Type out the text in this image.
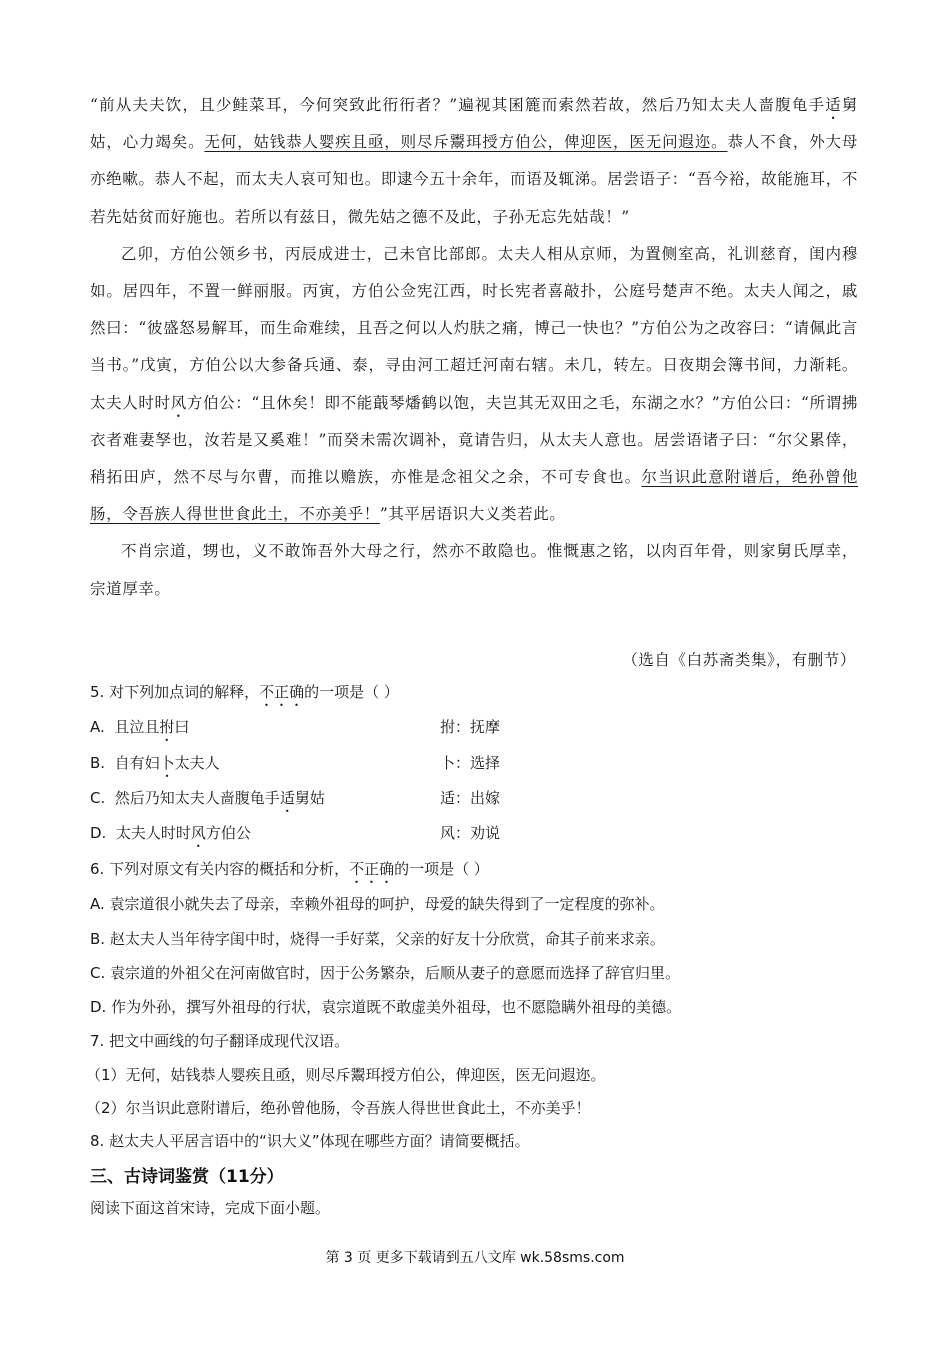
“前从夫夫饮，且少鲑菜耳，今何突致此衎衎者？”遍视其囷簏而索然若故，然后乃知太夫人啬腹龟手适舅姑，心力竭矣。无何，姑钱恭人婴疾且亟，则尽斥鬻珥授方伯公，俾迎医，医无问遐迩。恭人不食，外大母亦绝嗽。恭人不起，而太夫人哀可知也。即逮今五十余年，而语及辄涕。居尝语子：“吾今裕，故能施耳，不若先姑贫而好施也。若所以有兹日，微先姑之德不及此，子孙无忘先姑哉！”

乙卯，方伯公领乡书，丙辰成进士，己未官比部郎。太夫人相从京师，为置侧室高，礼训慈育，闺内穆如。居四年，不置一鲜丽服。丙寅，方伯公佥宪江西，时长宪者喜敲扑，公庭号楚声不绝。太夫人闻之，戚然曰：“彼盛怒易解耳，而生命难续，且吾之何以人灼肤之痛，博己一快也？”方伯公为之改容曰：“请佩此言当书。”戊寅，方伯公以大参备兵通、泰，寻由河工超迁河南右辖。未几，转左。日夜期会簿书间，力渐耗。太夫人时时风方伯公：“且休矣！即不能蕺琴燔鹤以饱，夫岂其无双田之毛，东湖之水？”方伯公曰：“所谓拂衣者难妻孥也，汝若是又奚难！”而癸未需次调补，竟请告归，从太夫人意也。居尝语诸子曰：“尔父累倖，稍拓田庐，然不尽与尔曹，而推以赡族，亦惟是念祖父之余，不可专食也。尔当识此意附谱后，绝孙曾他肠，令吾族人得世世食此土，不亦美乎！”其平居语识大义类若此。

不肖宗道，甥也，义不敢饰吾外大母之行，然亦不敢隐也。惟慨惠之铭，以肉百年骨，则家舅氏厚幸，宗道厚幸。

（选自《白苏斋类集》，有删节）
5. 对下列加点词的解释，不正确的一项是（ ）
A. 且泣且拊曰	拊：抚摩
B. 自有妇卜太夫人	卜：选择
C. 然后乃知太夫人啬腹龟手适舅姑	适：出嫁
D. 太夫人时时风方伯公	风：劝说
6. 下列对原文有关内容的概括和分析，不正确的一项是（ ）
A. 袁宗道很小就失去了母亲，幸赖外祖母的呵护，母爱的缺失得到了一定程度的弥补。
B. 赵太夫人当年待字闺中时，烧得一手好菜，父亲的好友十分欣赏，命其子前来求亲。
C. 袁宗道的外祖父在河南做官时，因于公务繁杂，后顺从妻子的意愿而选择了辞官归里。
D. 作为外孙，撰写外祖母的行状，袁宗道既不敢虚美外祖母，也不愿隐瞒外祖母的美德。
7. 把文中画线的句子翻译成现代汉语。
（1）无何，姑钱恭人婴疾且亟，则尽斥鬻珥授方伯公，俾迎医，医无问遐迩。
（2）尔当识此意附谱后，绝孙曾他肠，令吾族人得世世食此土，不亦美乎！
8. 赵太夫人平居言语中的“识大义”体现在哪些方面？请简要概括。
三、古诗词鉴赏（11分）
阅读下面这首宋诗，完成下面小题。
第 3 页 更多下载请到五八文库 wk.58sms.com
